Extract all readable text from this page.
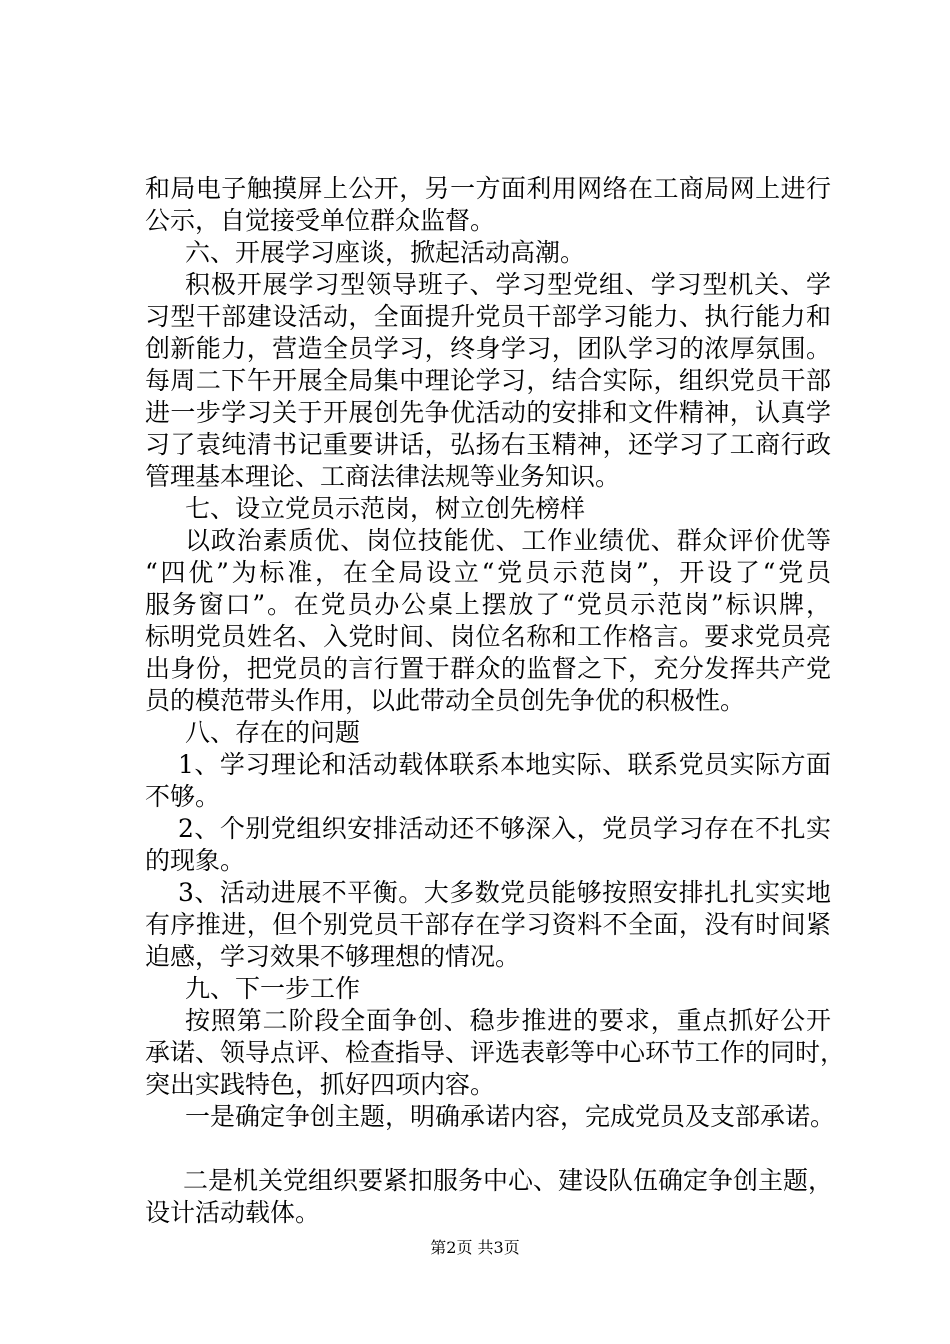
和局电子触摸屏上公开，另一方面利用网络在工商局网上进行
公示，自觉接受单位群众监督。
六、开展学习座谈，掀起活动高潮。
积极开展学习型领导班子、学习型党组、学习型机关、学
习型干部建设活动，全面提升党员干部学习能力、执行能力和
创新能力，营造全员学习，终身学习，团队学习的浓厚氛围。
每周二下午开展全局集中理论学习，结合实际，组织党员干部
进一步学习关于开展创先争优活动的安排和文件精神，认真学
习了袁纯清书记重要讲话，弘扬右玉精神，还学习了工商行政
管理基本理论、工商法律法规等业务知识。
七、设立党员示范岗，树立创先榜样
以政治素质优、岗位技能优、工作业绩优、群众评价优等
“四优”为标准，在全局设立“党员示范岗”，开设了“党员
服务窗口”。在党员办公桌上摆放了“党员示范岗”标识牌，
标明党员姓名、入党时间、岗位名称和工作格言。要求党员亮
出身份，把党员的言行置于群众的监督之下，充分发挥共产党
员的模范带头作用，以此带动全员创先争优的积极性。
八、存在的问题
1、学习理论和活动载体联系本地实际、联系党员实际方面
不够。
2、个别党组织安排活动还不够深入，党员学习存在不扎实
的现象。
3、活动进展不平衡。大多数党员能够按照安排扎扎实实地
有序推进，但个别党员干部存在学习资料不全面，没有时间紧
迫感，学习效果不够理想的情况。
九、下一步工作
按照第二阶段全面争创、稳步推进的要求，重点抓好公开
承诺、领导点评、检查指导、评选表彰等中心环节工作的同时，
突出实践特色，抓好四项内容。
一是确定争创主题，明确承诺内容，完成党员及支部承诺。
二是机关党组织要紧扣服务中心、建设队伍确定争创主题，
设计活动载体。
第2页 共3页
